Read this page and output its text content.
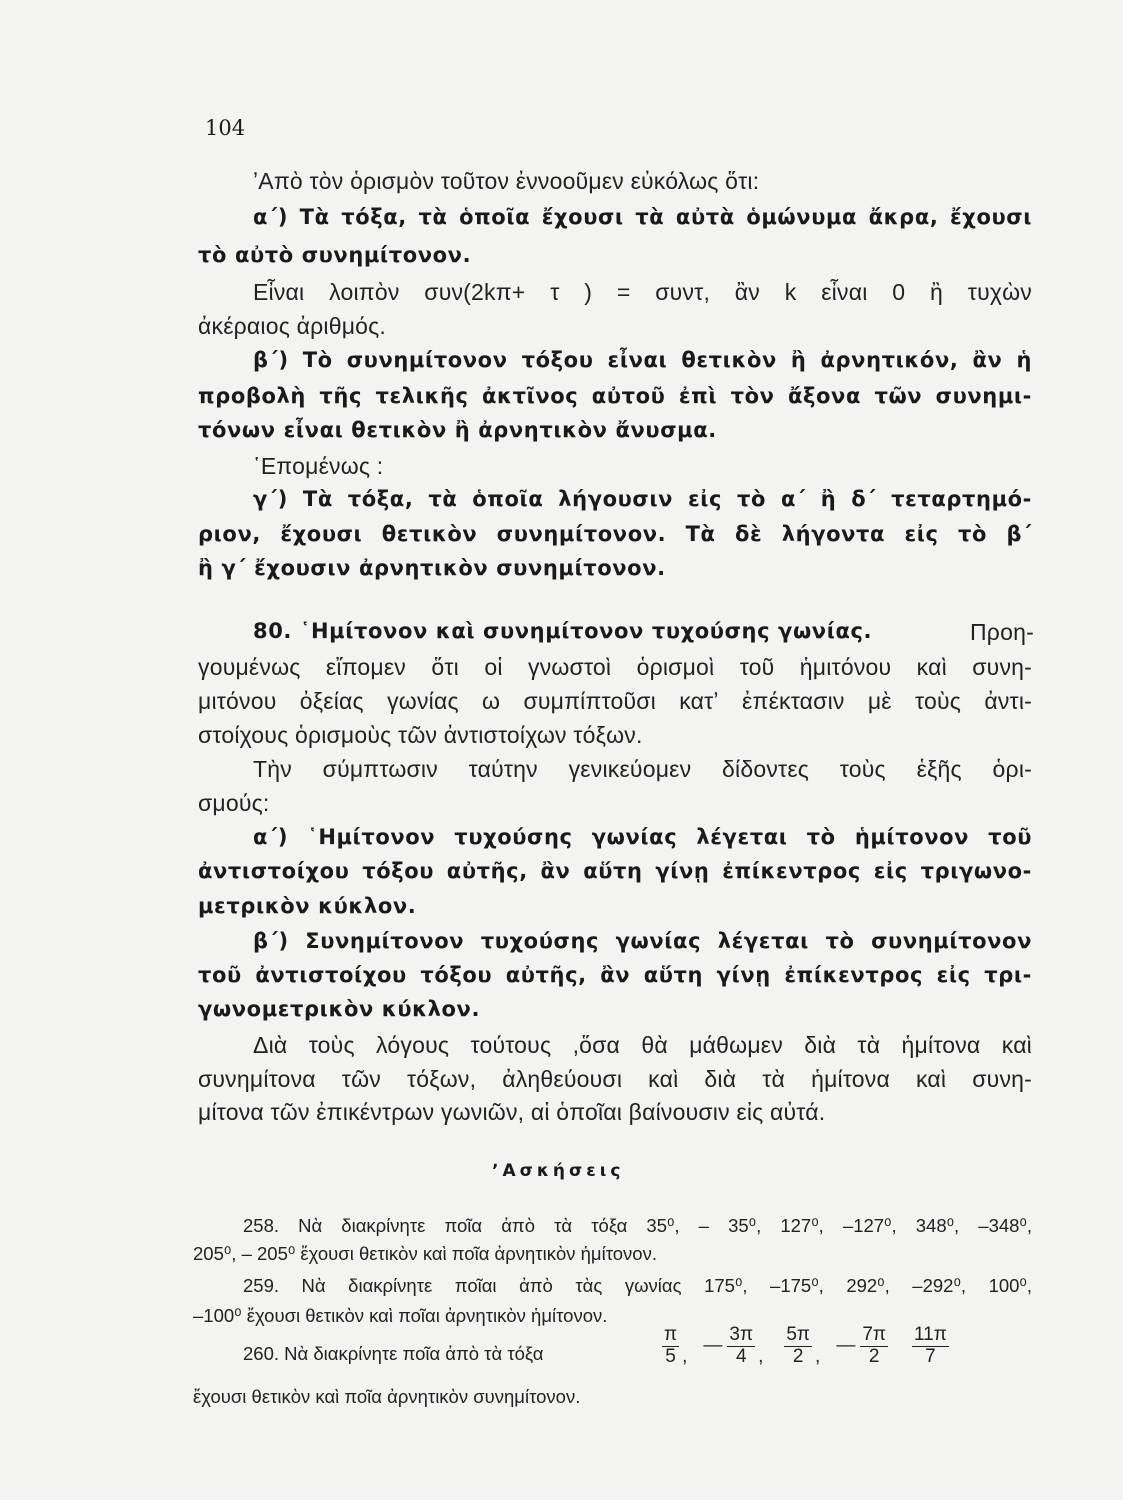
104
ʼΑπὸ τὸν ὁρισμὸν τοῦτον ἐννοοῦμεν εὐκόλως ὅτι:
α΄) Τὰ τόξα, τὰ ὁποῖα ἔχουσι τὰ αὐτὰ ὁμώνυμα ἄκρα, ἔχουσι
τὸ αὐτὸ συνημίτονον.
Εἶναι λοιπὸν συν(2kπ+ τ ) = συντ, ἂν k εἶναι 0 ἢ τυχὼν
ἀκέραιος ἀριθμός.
β΄) Τὸ συνημίτονον τόξου εἶναι θετικὸν ἢ ἀρνητικόν, ἂν ἡ
προβολὴ τῆς τελικῆς ἀκτῖνος αὐτοῦ ἐπὶ τὸν ἄξονα τῶν συνημι-
τόνων εἶναι θετικὸν ἢ ἀρνητικὸν ἄνυσμα.
῾Επομένως :
γ΄) Τὰ τόξα, τὰ ὁποῖα λήγουσιν εἰς τὸ α΄ ἢ δ΄ τεταρτημό-
ριον, ἔχουσι θετικὸν συνημίτονον. Τὰ δὲ λήγοντα εἰς τὸ β΄
ἢ γ΄ ἔχουσιν ἀρνητικὸν συνημίτονον.
80. ῾Ημίτονον καὶ συνημίτονον τυχούσης γωνίας.	Προη-
γουμένως εἴπομεν ὅτι οἱ γνωστοὶ ὁρισμοὶ τοῦ ἡμιτόνου καὶ συνη-
μιτόνου ὀξείας γωνίας ω συμπίπτοῦσι κατʼ ἐπέκτασιν μὲ τοὺς ἀντι-
στοίχους ὁρισμοὺς τῶν ἀντιστοίχων τόξων.
Τὴν σύμπτωσιν ταύτην γενικεύομεν δίδοντες τοὺς ἑξῆς ὁρι-
σμούς:
α΄) ῾Ημίτονον τυχούσης γωνίας λέγεται τὸ ἡμίτονον τοῦ
ἀντιστοίχου τόξου αὐτῆς, ἂν αὕτη γίνῃ ἐπίκεντρος εἰς τριγωνο-
μετρικὸν κύκλον.
β΄) Συνημίτονον τυχούσης γωνίας λέγεται τὸ συνημίτονον
τοῦ ἀντιστοίχου τόξου αὐτῆς, ἂν αὕτη γίνῃ ἐπίκεντρος εἰς τρι-
γωνομετρικὸν κύκλον.
Διὰ τοὺς λόγους τούτους ,ὅσα θὰ μάθωμεν διὰ τὰ ἡμίτονα καὶ
συνημίτονα τῶν τόξων, ἀληθεύουσι καὶ διὰ τὰ ἡμίτονα καὶ συνη-
μίτονα τῶν ἐπικέντρων γωνιῶν, αἱ ὁποῖαι βαίνουσιν εἰς αὐτά.
258. Νὰ διακρίνητε ποῖα ἀπὸ τὰ τόξα 35⁰, – 35⁰, 127⁰, –127⁰, 348⁰, –348⁰,
205⁰, – 205⁰ ἔχουσι θετικὸν καὶ ποῖα ἀρνητικὸν ἡμίτονον.
259. Νὰ διακρίνητε ποῖαι ἀπὸ τὰς γωνίας 175⁰, –175⁰, 292⁰, –292⁰, 100⁰,
–100⁰ ἔχουσι θετικὸν καὶ ποῖαι ἀρνητικὸν ἡμίτονον.
260. Νὰ διακρίνητε ποῖα ἀπὸ τὰ τόξα
ἔχουσι θετικὸν καὶ ποῖα ἀρνητικὸν συνημίτονον.
ʼΑσκήσεις
$\frac{\pi}{5}$ , — $\frac{3\pi}{4}$ , $\frac{5\pi}{2}$ , — $\frac{7\pi}{2} \frac{11\pi}{7}$
